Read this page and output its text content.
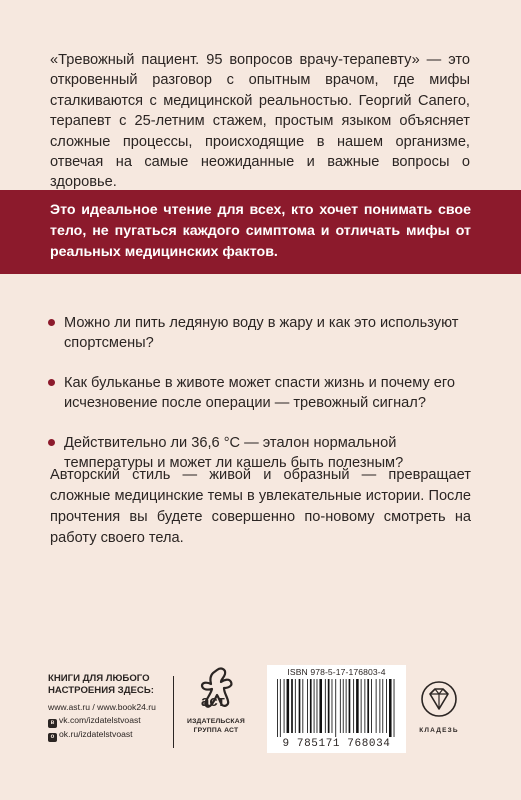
«Тревожный пациент. 95 вопросов врачу-терапевту» — это откровенный разговор с опытным врачом, где мифы сталкиваются с медицинской реальностью. Георгий Сапего, терапевт с 25-летним стажем, простым языком объясняет сложные процессы, происходящие в нашем организме, отвечая на самые неожиданные и важные вопросы о здоровье.
Это идеальное чтение для всех, кто хочет понимать свое тело, не пугаться каждого симптома и отличать мифы от реальных медицинских фактов.
Можно ли пить ледяную воду в жару и как это используют спортсмены?
Как бульканье в животе может спасти жизнь и почему его исчезновение после операции — тревожный сигнал?
Действительно ли 36,6 °С — эталон нормальной температуры и может ли кашель быть полезным?
Авторский стиль — живой и образный — превращает сложные медицинские темы в увлекательные истории. После прочтения вы будете совершенно по-новому смотреть на работу своего тела.
КНИГИ ДЛЯ ЛЮБОГО
НАСТРОЕНИЯ ЗДЕСЬ:
www.ast.ru / www.book24.ru
в vk.com/izdatelstvoast
о ok.ru/izdatelstvoast
аст
ИЗДАТЕЛЬСКАЯ
ГРУППА АСТ
ISBN 978-5-17-176803-4
9 785171 768034
КЛАДЕЗЬ
